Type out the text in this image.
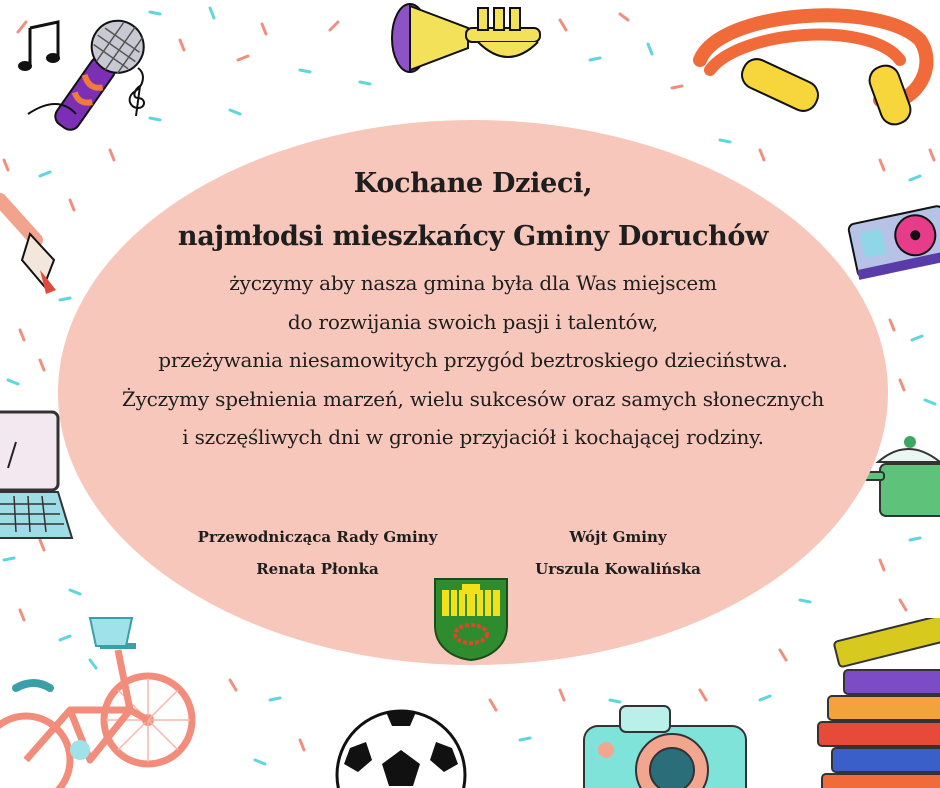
Kochane Dzieci,

najmłodsi mieszkańcy Gminy Doruchów

życzymy aby nasza gmina była dla Was miejscem

do rozwijania swoich pasji i talentów,

przeżywania niesamowitych przygód beztroskiego dzieciństwa.

Życzymy spełnienia marzeń, wielu sukcesów oraz samych słonecznych

i szczęśliwych dni w gronie przyjaciół i kochającej rodziny.

Przewodnicząca Rady Gminy
Renata Płonka
Wójt Gminy
Urszula Kowalińska
